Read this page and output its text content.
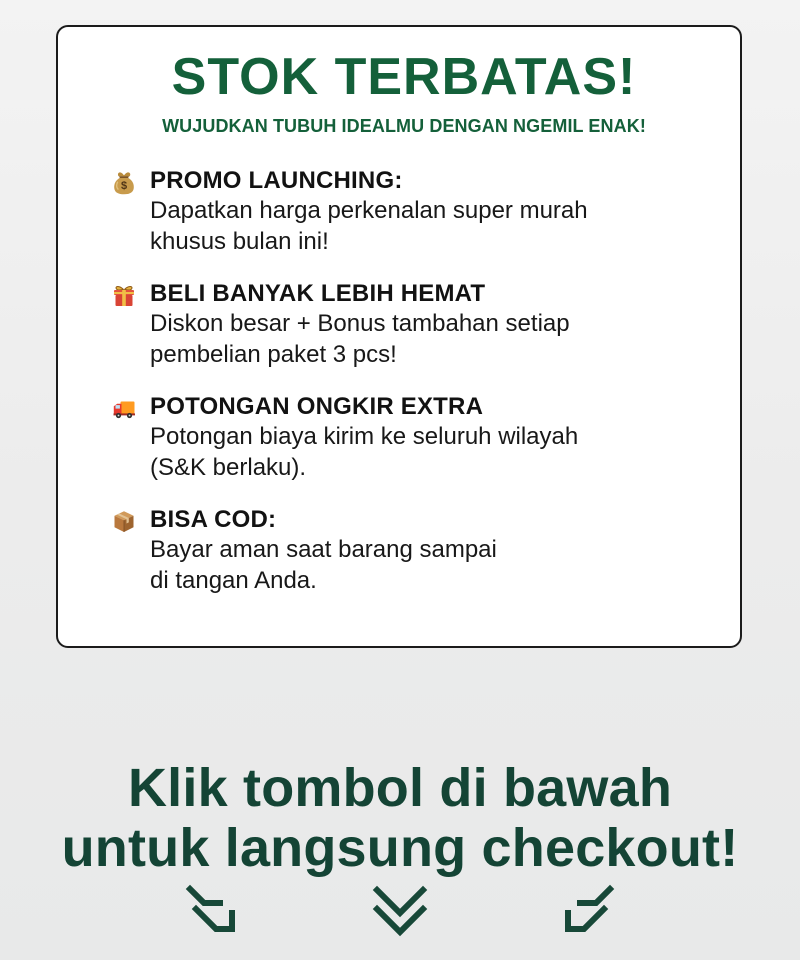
STOK TERBATAS!

WUJUDKAN TUBUH IDEALMU DENGAN NGEMIL ENAK!

$ PROMO LAUNCHING:
Dapatkan harga perkenalan super murah
khusus bulan ini!
BELI BANYAK LEBIH HEMAT
Diskon besar + Bonus tambahan setiap
pembelian paket 3 pcs!
POTONGAN ONGKIR EXTRA
Potongan biaya kirim ke seluruh wilayah
(S&K berlaku).
BISA COD:
Bayar aman saat barang sampai
di tangan Anda.
Klik tombol di bawah
untuk langsung checkout!
